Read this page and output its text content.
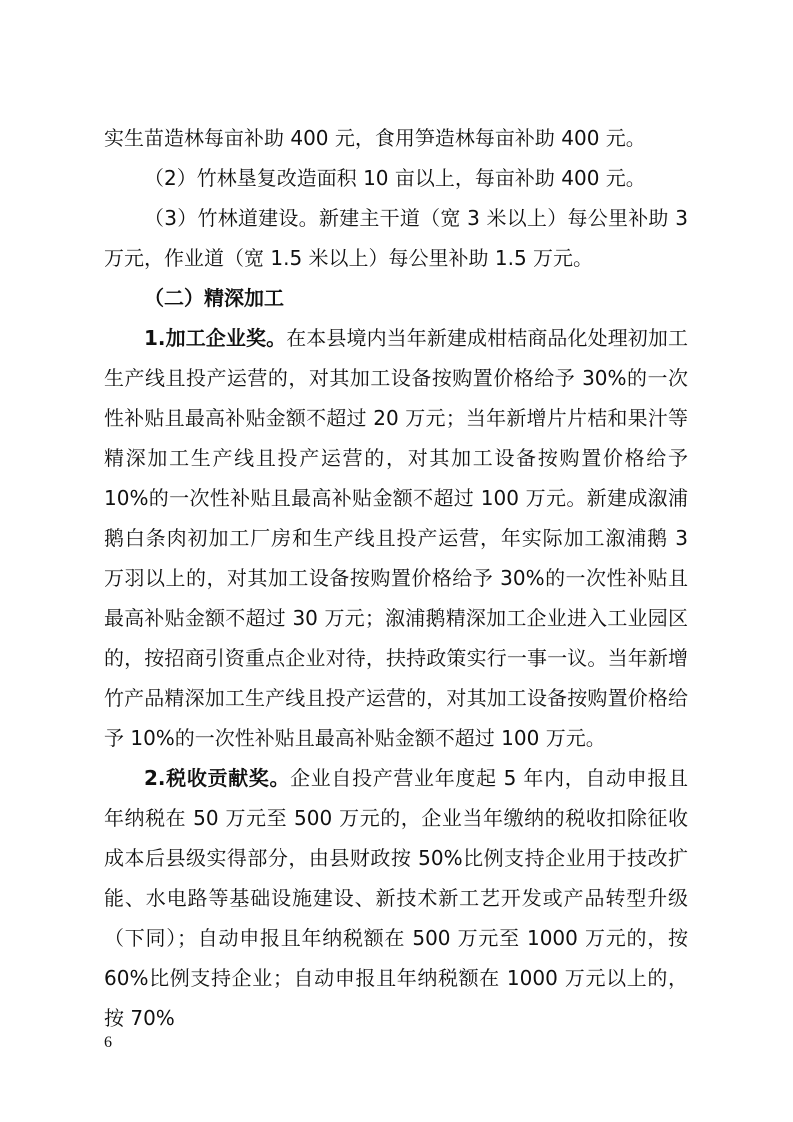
实生苗造林每亩补助 400 元，食用笋造林每亩补助 400 元。

（2）竹林垦复改造面积 10 亩以上，每亩补助 400 元。

（3）竹林道建设。新建主干道（宽 3 米以上）每公里补助 3 万元，作业道（宽 1.5 米以上）每公里补助 1.5 万元。

（二）精深加工

1.加工企业奖。在本县境内当年新建成柑桔商品化处理初加工生产线且投产运营的，对其加工设备按购置价格给予 30%的一次性补贴且最高补贴金额不超过 20 万元；当年新增片片桔和果汁等精深加工生产线且投产运营的，对其加工设备按购置价格给予 10%的一次性补贴且最高补贴金额不超过 100 万元。新建成溆浦鹅白条肉初加工厂房和生产线且投产运营，年实际加工溆浦鹅 3 万羽以上的，对其加工设备按购置价格给予 30%的一次性补贴且最高补贴金额不超过 30 万元；溆浦鹅精深加工企业进入工业园区的，按招商引资重点企业对待，扶持政策实行一事一议。当年新增竹产品精深加工生产线且投产运营的，对其加工设备按购置价格给予 10%的一次性补贴且最高补贴金额不超过 100 万元。

2.税收贡献奖。企业自投产营业年度起 5 年内，自动申报且年纳税在 50 万元至 500 万元的，企业当年缴纳的税收扣除征收成本后县级实得部分，由县财政按 50%比例支持企业用于技改扩能、水电路等基础设施建设、新技术新工艺开发或产品转型升级（下同）；自动申报且年纳税额在 500 万元至 1000 万元的，按 60%比例支持企业；自动申报且年纳税额在 1000 万元以上的，按 70%

6
